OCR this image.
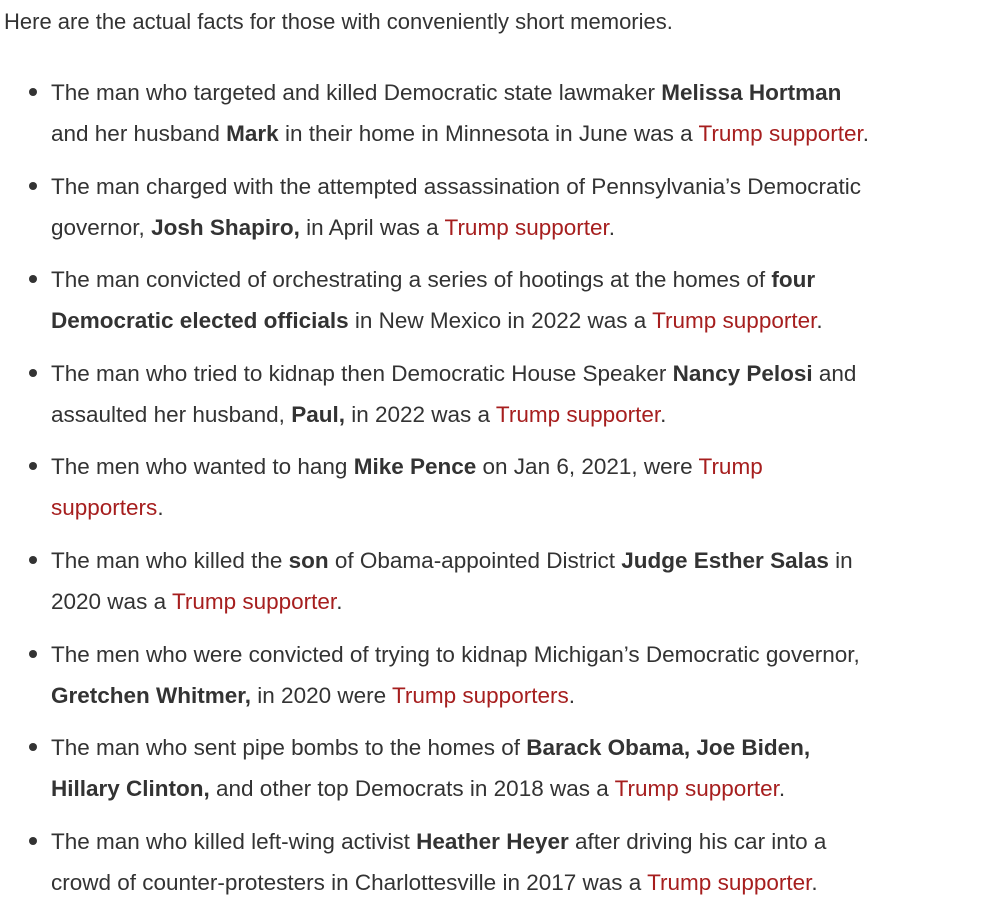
Here are the actual facts for those with conveniently short memories.

The man who targeted and killed Democratic state lawmaker Melissa Hortman
and her husband Mark in their home in Minnesota in June was a Trump supporter.
The man charged with the attempted assassination of Pennsylvania’s Democratic
governor, Josh Shapiro, in April was a Trump supporter.
The man convicted of orchestrating a series of hootings at the homes of four
Democratic elected officials in New Mexico in 2022 was a Trump supporter.
The man who tried to kidnap then Democratic House Speaker Nancy Pelosi and
assaulted her husband, Paul, in 2022 was a Trump supporter.
The men who wanted to hang Mike Pence on Jan 6, 2021, were Trump
supporters.
The man who killed the son of Obama-appointed District Judge Esther Salas in
2020 was a Trump supporter.
The men who were convicted of trying to kidnap Michigan’s Democratic governor,
Gretchen Whitmer, in 2020 were Trump supporters.
The man who sent pipe bombs to the homes of Barack Obama, Joe Biden,
Hillary Clinton, and other top Democrats in 2018 was a Trump supporter.
The man who killed left-wing activist Heather Heyer after driving his car into a
crowd of counter-protesters in Charlottesville in 2017 was a Trump supporter.
